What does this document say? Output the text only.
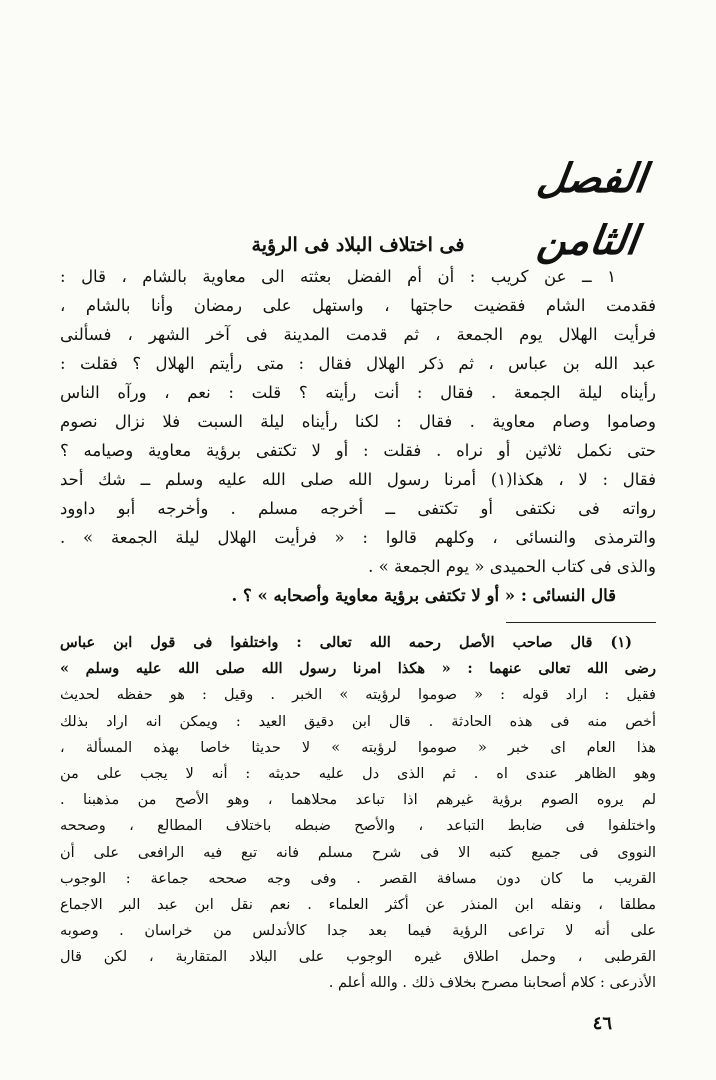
الفصل الثامن
فى اختلاف البلاد فى الرؤية
١ ــ عن كريب : أن أم الفضل بعثته الى معاوية بالشام ، قال :
فقدمت الشام فقضيت حاجتها ، واستهل على رمضان وأنا بالشام ،
فرأيت الهلال يوم الجمعة ، ثم قدمت المدينة فى آخر الشهر ، فسألنى
عبد الله بن عباس ، ثم ذكر الهلال فقال : متى رأيتم الهلال ؟ فقلت :
رأيناه ليلة الجمعة . فقال : أنت رأيته ؟ قلت : نعم ، ورآه الناس
وصاموا وصام معاوية . فقال : لكنا رأيناه ليلة السبت فلا نزال نصوم
حتى نكمل ثلاثين أو نراه . فقلت : أو لا تكتفى برؤية معاوية وصيامه ؟
فقال : لا ، هكذا(١) أمرنا رسول الله صلى الله عليه وسلم ــ شك أحد
رواته فى نكتفى أو تكتفى ــ أخرجه مسلم . وأخرجه أبو داوود
والترمذى والنسائى ، وكلهم قالوا : « فرأيت الهلال ليلة الجمعة » .
والذى فى كتاب الحميدى « يوم الجمعة » .
قال النسائى : « أو لا تكتفى برؤية معاوية وأصحابه » ؟ .
(١) قال صاحب الأصل رحمه الله تعالى : واختلفوا فى قول ابن عباس
رضى الله تعالى عنهما : « هكذا امرنا رسول الله صلى الله عليه وسلم »
فقيل : اراد قوله : « صوموا لرؤيته » الخبر . وقيل : هو حفظه لحديث
أخص منه فى هذه الحادثة . قال ابن دقيق العيد : ويمكن انه اراد بذلك
هذا العام اى خبر « صوموا لرؤيته » لا حديثا خاصا بهذه المسألة ،
وهو الظاهر عندى اه . ثم الذى دل عليه حديثه : أنه لا يجب على من
لم يروه الصوم برؤية غيرهم اذا تباعد محلاهما ، وهو الأصح من مذهبنا .
واختلفوا فى ضابط التباعد ، والأصح ضبطه باختلاف المطالع ، وصححه
النووى فى جميع كتبه الا فى شرح مسلم فانه تبع فيه الرافعى على أن
القريب ما كان دون مسافة القصر . وفى وجه صححه جماعة : الوجوب
مطلقا ، ونقله ابن المنذر عن أكثر العلماء . نعم نقل ابن عبد البر الاجماع
على أنه لا تراعى الرؤية فيما بعد جدا كالأندلس من خراسان . وصوبه
القرطبى ، وحمل اطلاق غيره الوجوب على البلاد المتقاربة ، لكن قال
الأذرعى : كلام أصحابنا مصرح بخلاف ذلك . والله أعلم .
٤٦
